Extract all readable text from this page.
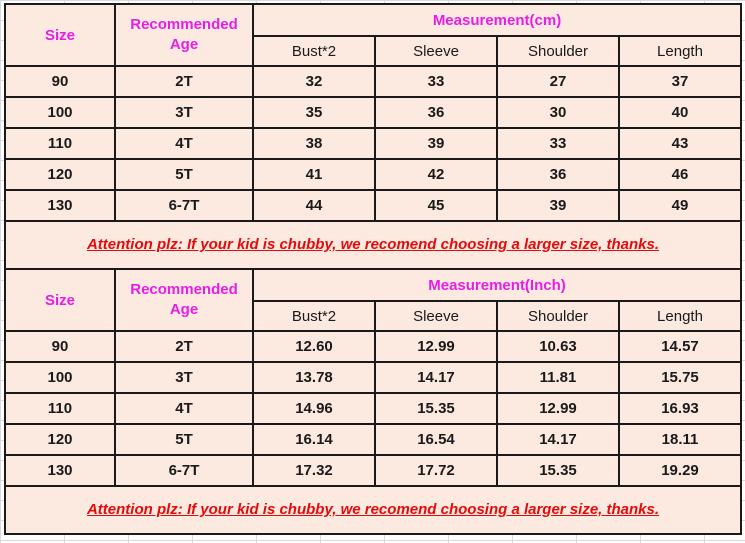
Size	Recommended Age	Measurement(cm)			
		Bust*2	Sleeve	Shoulder	Length
90	2T	32	33	27	37
100	3T	35	36	30	40
110	4T	38	39	33	43
120	5T	41	42	36	46
130	6-7T	44	45	39	49
Attention plz: If your kid is chubby, we recomend choosing a larger size, thanks.					
Size	Recommended Age	Measurement(Inch)			
		Bust*2	Sleeve	Shoulder	Length
90	2T	12.60	12.99	10.63	14.57
100	3T	13.78	14.17	11.81	15.75
110	4T	14.96	15.35	12.99	16.93
120	5T	16.14	16.54	14.17	18.11
130	6-7T	17.32	17.72	15.35	19.29
Attention plz: If your kid is chubby, we recomend choosing a larger size, thanks.					
